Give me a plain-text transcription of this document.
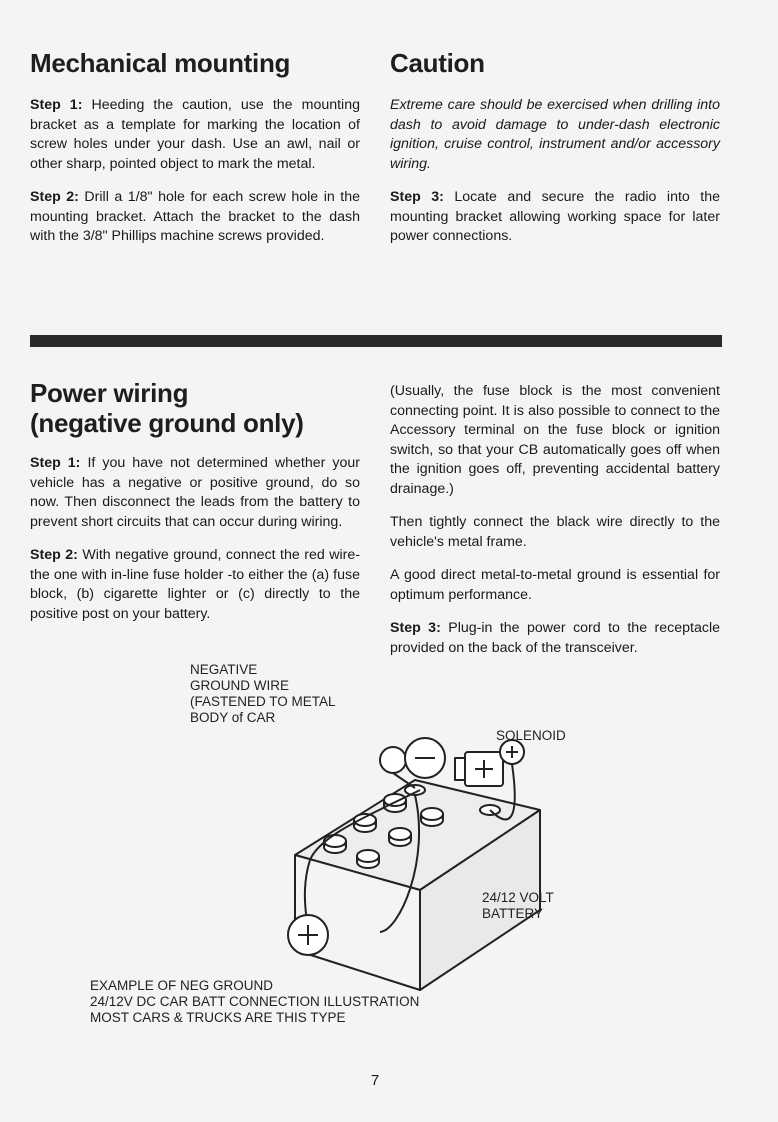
Mechanical mounting

Step 1: Heeding the caution, use the mounting bracket as a template for marking the location of screw holes under your dash. Use an awl, nail or other sharp, pointed object to mark the metal.

Step 2: Drill a 1/8" hole for each screw hole in the mounting bracket. Attach the bracket to the dash with the 3/8" Phillips machine screws provided.

Caution

Extreme care should be exercised when drilling into dash to avoid damage to under-dash electronic ignition, cruise control, instrument and/or accessory wiring.

Step 3: Locate and secure the radio into the mounting bracket allowing working space for later power connections.

Power wiring
(negative ground only)

Step 1: If you have not determined whether your vehicle has a negative or positive ground, do so now. Then disconnect the leads from the battery to prevent short circuits that can occur during wiring.

Step 2: With negative ground, connect the red wire-the one with in-line fuse holder -to either the (a) fuse block, (b) cigarette lighter or (c) directly to the positive post on your battery.

(Usually, the fuse block is the most convenient connecting point. It is also possible to connect to the Accessory terminal on the fuse block or ignition switch, so that your CB automatically goes off when the ignition goes off, preventing accidental battery drainage.)

Then tightly connect the black wire directly to the vehicle's metal frame.

A good direct metal-to-metal ground is essential for optimum performance.

Step 3: Plug-in the power cord to the receptacle provided on the back of the transceiver.

NEGATIVE
GROUND WIRE
(FASTENED TO METAL
BODY of CAR
SOLENOID
24/12 VOLT
BATTERY
EXAMPLE OF NEG GROUND
24/12V DC CAR BATT CONNECTION ILLUSTRATION
MOST CARS & TRUCKS ARE THIS TYPE
7
